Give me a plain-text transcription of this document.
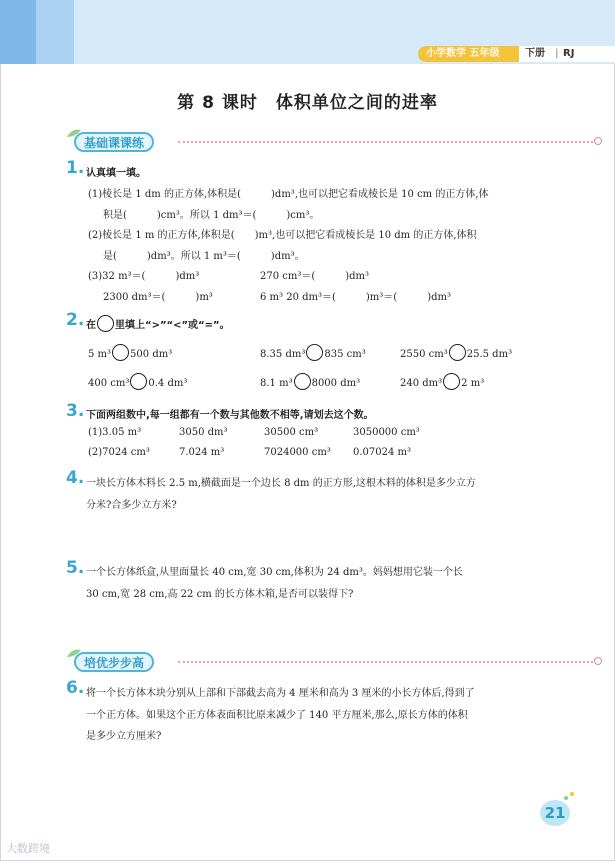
小学数学 五年级	下册 | RJ
第 8 课时　体积单位之间的进率
基础课课练
1. 认真填一填。
(1)棱长是 1 dm 的正方体,体积是(　　　)dm³,也可以把它看成棱长是 10 cm 的正方体,体
积是(　　　)cm³。所以 1 dm³＝(　　　)cm³。
(2)棱长是 1 m 的正方体,体积是(　　)m³,也可以把它看成棱长是 10 dm 的正方体,体积
是(　　　)dm³。所以 1 m³＝(　　　)dm³。
(3)32 m³＝(　　　)dm³	270 cm³＝(　　　)dm³
2300 dm³＝(　　　)m³	6 m³ 20 dm³＝(　　　)m³＝(　　　)dm³
2. 在 里填上“>”“<”或“=”。
5 m³ 500 dm³	8.35 dm³ 835 cm³	2550 cm³ 25.5 dm³
400 cm³ 0.4 dm³	8.1 m³ 8000 dm³	240 dm³ 2 m³
3. 下面两组数中,每一组都有一个数与其他数不相等,请划去这个数。
(1)3.05 m³	3050 dm³	30500 cm³	3050000 cm³
(2)7024 cm³	7.024 m³	7024000 cm³ 0.07024 m³
4. 一块长方体木料长 2.5 m,横截面是一个边长 8 dm 的正方形,这根木料的体积是多少立方
分米?合多少立方米?
5. 一个长方体纸盒,从里面量长 40 cm,宽 30 cm,体积为 24 dm³。妈妈想用它装一个长
30 cm,宽 28 cm,高 22 cm 的长方体木箱,是否可以装得下?
培优步步高
6. 将一个长方体木块分别从上部和下部截去高为 4 厘米和高为 3 厘米的小长方体后,得到了
一个正方体。如果这个正方体表面积比原来减少了 140 平方厘米,那么,原长方体的体积
是多少立方厘米?
21
大数跨境
